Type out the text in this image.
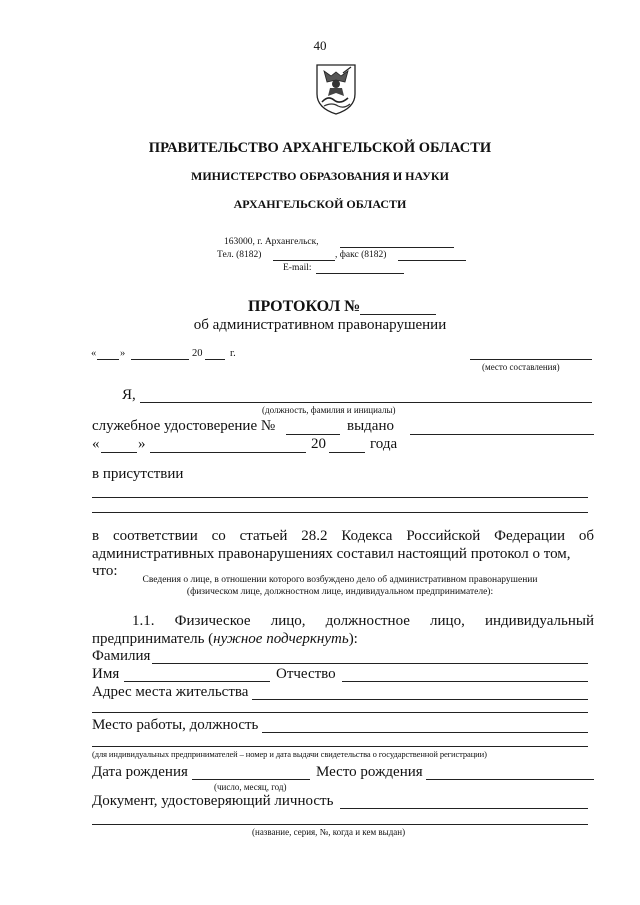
40
ПРАВИТЕЛЬСТВО АРХАНГЕЛЬСКОЙ ОБЛАСТИ
МИНИСТЕРСТВО ОБРАЗОВАНИЯ И НАУКИ
АРХАНГЕЛЬСКОЙ ОБЛАСТИ
163000, г. Архангельск,
Тел. (8182)	, факс (8182)
E-mail:
ПРОТОКОЛ №
об административном правонарушении
« »	20	г.
(место составления)
Я,
(должность, фамилия и инициалы)
служебное удостоверение №	выдано
«	»	20	года
в присутствии
в соответствии со статьей 28.2 Кодекса Российской Федерации об
административных правонарушениях составил настоящий протокол о том, что:
Сведения о лице, в отношении которого возбуждено дело об административном правонарушении
(физическом лице, должностном лице, индивидуальном предпринимателе):
1.1. Физическое лицо, должностное лицо, индивидуальный
предприниматель (нужное подчеркнуть):
Фамилия
Имя	Отчество
Адрес места жительства
Место работы, должность
(для индивидуальных предпринимателей – номер и дата выдачи свидетельства о государственной регистрации)
Дата рождения	Место рождения
(число, месяц, год)
Документ, удостоверяющий личность
(название, серия, №, когда и кем выдан)
